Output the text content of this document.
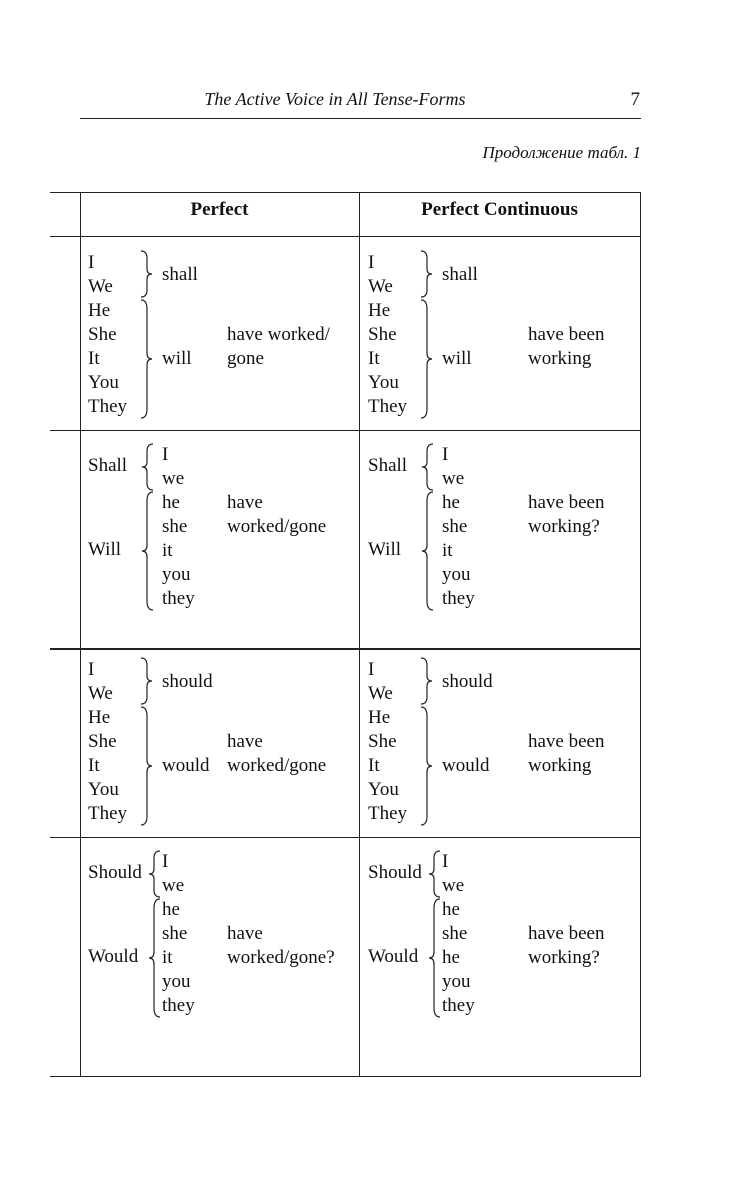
The Active Voice in All Tense-Forms	7
Продолжение табл. 1
Perfect	Perfect Continuous
I
We
He
She
It
You
They
shall
will
have worked/
gone
I
We
He
She
It
You
They
shall
will
have been
working
Shall
Will
I
we
he
she
it
you
they
have
worked/gone
Shall
Will
I
we
he
she
it
you
they
have been
working?
I
We
He
She
It
You
They
should
would
have
worked/gone
I
We
He
She
It
You
They
should
would
have been
working
Should
Would
I
we
he
she
it
you
they
have
worked/gone?
Should
Would
I
we
he
she
he
you
they
have been
working?
